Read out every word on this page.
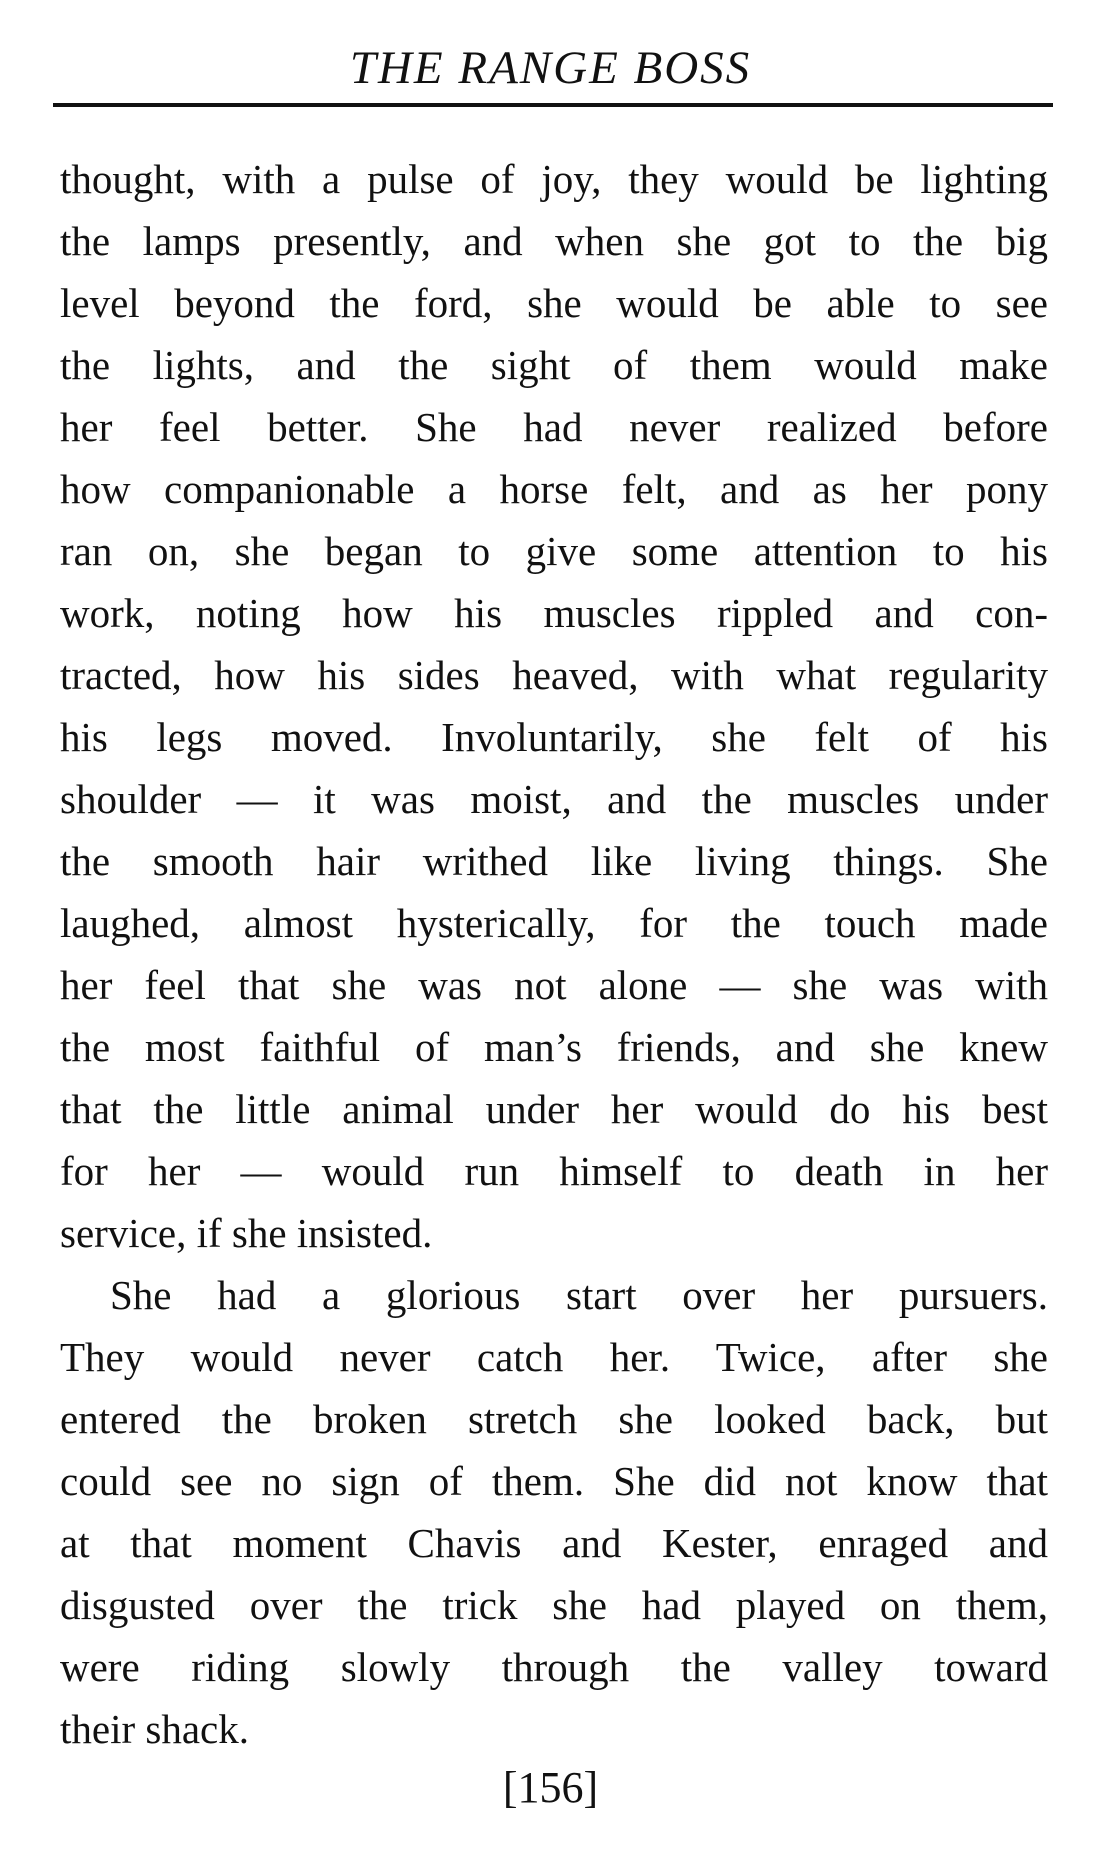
THE RANGE BOSS
thought, with a pulse of joy, they would be lighting
the lamps presently, and when she got to the big
level beyond the ford, she would be able to see
the lights, and the sight of them would make
her feel better. She had never realized before
how companionable a horse felt, and as her pony
ran on, she began to give some attention to his
work, noting how his muscles rippled and con-
tracted, how his sides heaved, with what regularity
his legs moved. Involuntarily, she felt of his
shoulder — it was moist, and the muscles under
the smooth hair writhed like living things. She
laughed, almost hysterically, for the touch made
her feel that she was not alone — she was with
the most faithful of man’s friends, and she knew
that the little animal under her would do his best
for her — would run himself to death in her
service, if she insisted.
She had a glorious start over her pursuers.
They would never catch her. Twice, after she
entered the broken stretch she looked back, but
could see no sign of them. She did not know that
at that moment Chavis and Kester, enraged and
disgusted over the trick she had played on them,
were riding slowly through the valley toward
their shack.
[156]
